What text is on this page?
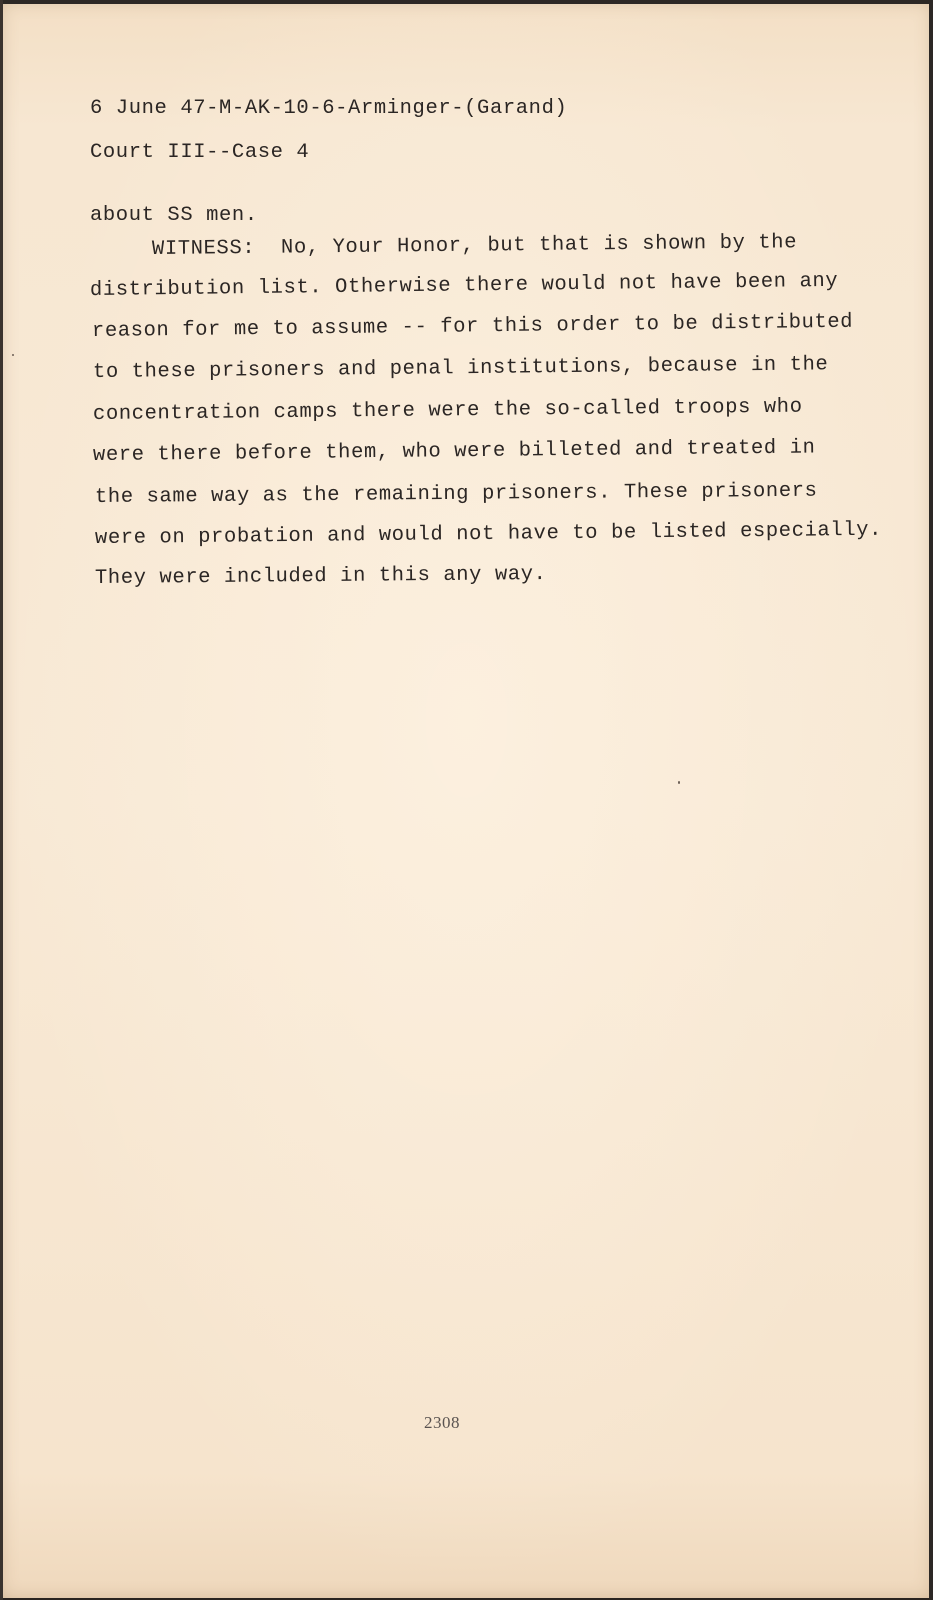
6 June 47-M-AK-10-6-Arminger-(Garand)
Court III--Case 4
about SS men.
WITNESS:  No, Your Honor, but that is shown by the
distribution list. Otherwise there would not have been any
reason for me to assume -- for this order to be distributed
to these prisoners and penal institutions, because in the
concentration camps there were the so-called troops who
were there before them, who were billeted and treated in
the same way as the remaining prisoners. These prisoners
were on probation and would not have to be listed especially.
They were included in this any way.
2308
